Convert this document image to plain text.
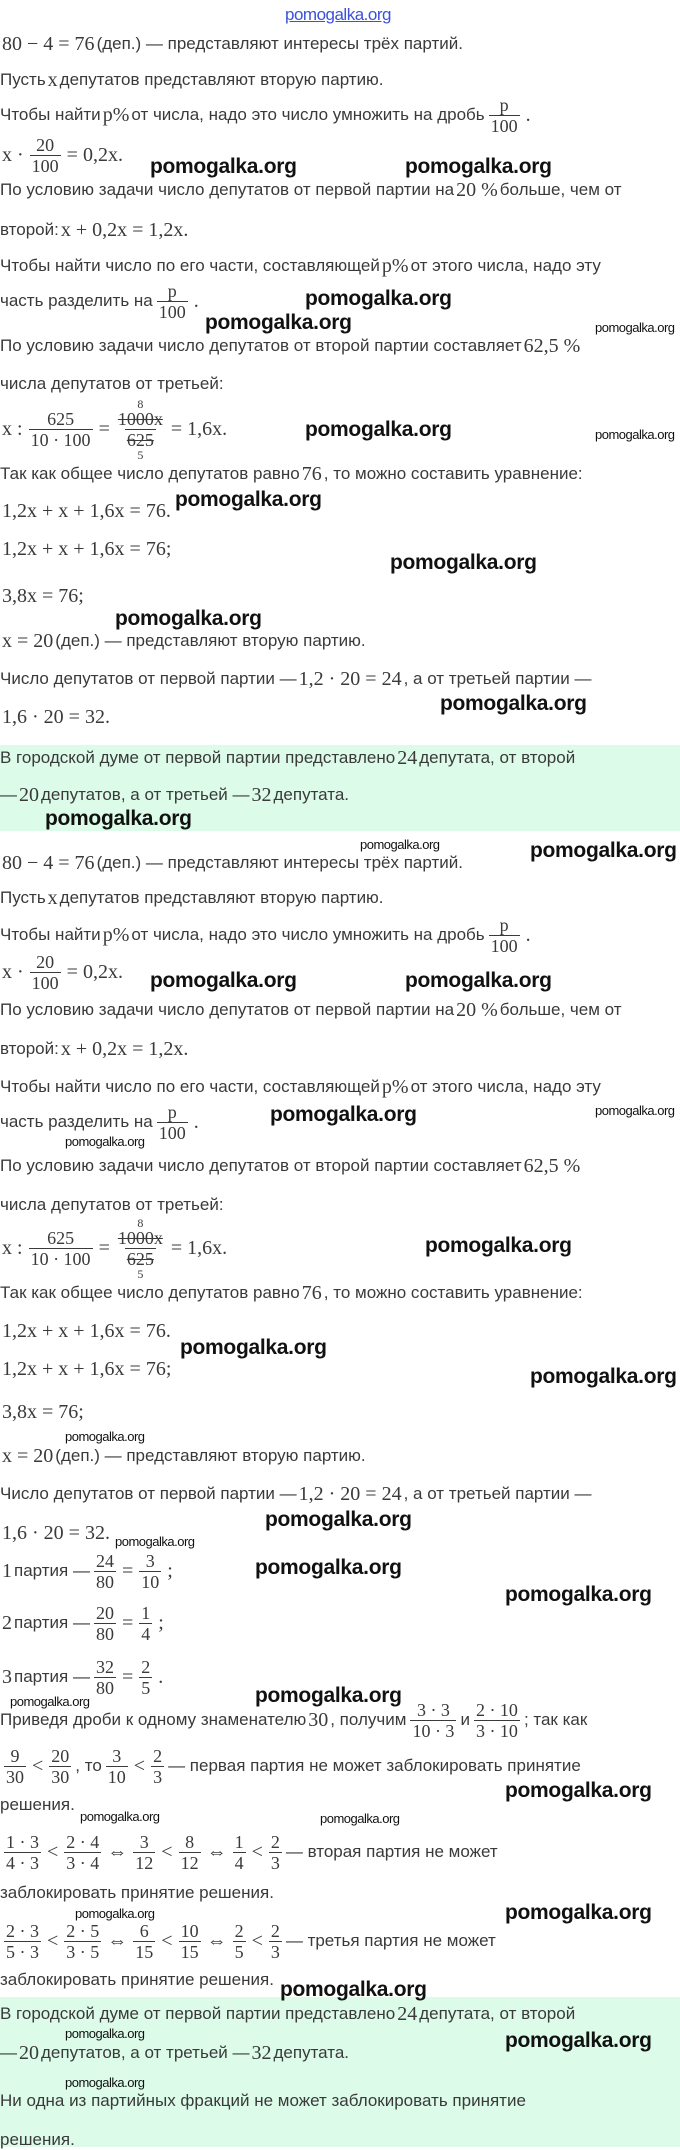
80 − 4 = 76 (деп.) — представляют интересы трёх партий.
Пусть x депутатов представляют вторую партию.
Чтобы найти p% от числа, надо это число умножить на дробь $\frac{p}{100}$ .
$x \cdot \frac{20}{100} = 0,2x$.
По условию задачи число депутатов от первой партии на 20 % больше, чем от
второй: x + 0,2x = 1,2x.
Чтобы найти число по его части, составляющей p% от этого числа, надо эту
часть разделить на $\frac{p}{100}$ .
По условию задачи число депутатов от второй партии составляет 62,5 %
числа депутатов от третьей:
x : $\frac{625}{10 \cdot 100} = 1000x$
625
8
5
= 1,6x.
Так как общее число депутатов равно 76 , то можно составить уравнение:
1,2x + x + 1,6x = 76.
1,2x + x + 1,6x = 76;
3,8x = 76;
x = 20 (деп.) — представляют вторую партию.
Число депутатов от первой партии — 1,2 · 20 = 24 , а от третьей партии —
1,6 · 20 = 32.
В городской думе от первой партии представлено 24 депутата, от второй
— 20 депутатов, а от третьей — 32 депутата.
80 − 4 = 76 (деп.) — представляют интересы трёх партий.
Пусть x депутатов представляют вторую партию.
Чтобы найти p% от числа, надо это число умножить на дробь $\frac{p}{100}$ .
$x \cdot \frac{20}{100} = 0,2x$.
По условию задачи число депутатов от первой партии на 20 % больше, чем от
второй: x + 0,2x = 1,2x.
Чтобы найти число по его части, составляющей p% от этого числа, надо эту
часть разделить на $\frac{p}{100}$ .
По условию задачи число депутатов от второй партии составляет 62,5 %
числа депутатов от третьей:
x : $\frac{625}{10 \cdot 100} = 1000x$
625
8
5
= 1,6x.
Так как общее число депутатов равно 76 , то можно составить уравнение:
1,2x + x + 1,6x = 76.
1,2x + x + 1,6x = 76;
3,8x = 76;
x = 20 (деп.) — представляют вторую партию.
Число депутатов от первой партии — 1,2 · 20 = 24 , а от третьей партии —
1,6 · 20 = 32.
1 партия — $\frac{24}{80} = \frac{3}{10}$ ;
2 партия — $\frac{20}{80} = \frac{1}{4}$ ;
3 партия — $\frac{32}{80} = \frac{2}{5}$ .
Приведя дроби к одному знаменателю 30 , получим $\frac{3 \cdot 3}{10 \cdot 3}$ и $\frac{2 \cdot 10}{3 \cdot 10}$ ; так как
$\frac{9}{30} < \frac{20}{30}$ , то $\frac{3}{10} < \frac{2}{3}$ — первая партия не может заблокировать принятие
решения.
$\frac{1 \cdot 3}{4 \cdot 3} < \frac{2 \cdot 4}{3 \cdot 4}$ ⇔ $\frac{3}{12} < \frac{8}{12}$ ⇔ $\frac{1}{4} < \frac{2}{3}$ — вторая партия не может
заблокировать принятие решения.
$\frac{2 \cdot 3}{5 \cdot 3} < \frac{2 \cdot 5}{3 \cdot 5}$ ⇔ $\frac{6}{15} < \frac{10}{15}$ ⇔ $\frac{2}{5} < \frac{2}{3}$ — третья партия не может
заблокировать принятие решения.
В городской думе от первой партии представлено 24 депутата, от второй
— 20 депутатов, а от третьей — 32 депутата.
Ни одна из партийных фракций не может заблокировать принятие
решения.
pomogalka.org
pomogalka.org	pomogalka.org
pomogalka.org
pomogalka.org	pomogalka.org
pomogalka.org	pomogalka.org
pomogalka.org
pomogalka.org
pomogalka.org
pomogalka.org
pomogalka.org
pomogalka.org	pomogalka.org
pomogalka.org	pomogalka.org
pomogalka.org
pomogalka.org	pomogalka.org
pomogalka.org
pomogalka.org
pomogalka.org
pomogalka.org
pomogalka.org
pomogalka.org
pomogalka.org
pomogalka.org
pomogalka.org
pomogalka.org
pomogalka.org
pomogalka.org	pomogalka.org
pomogalka.org	pomogalka.org
pomogalka.org
pomogalka.org
pomogalka.org
pomogalka.org
